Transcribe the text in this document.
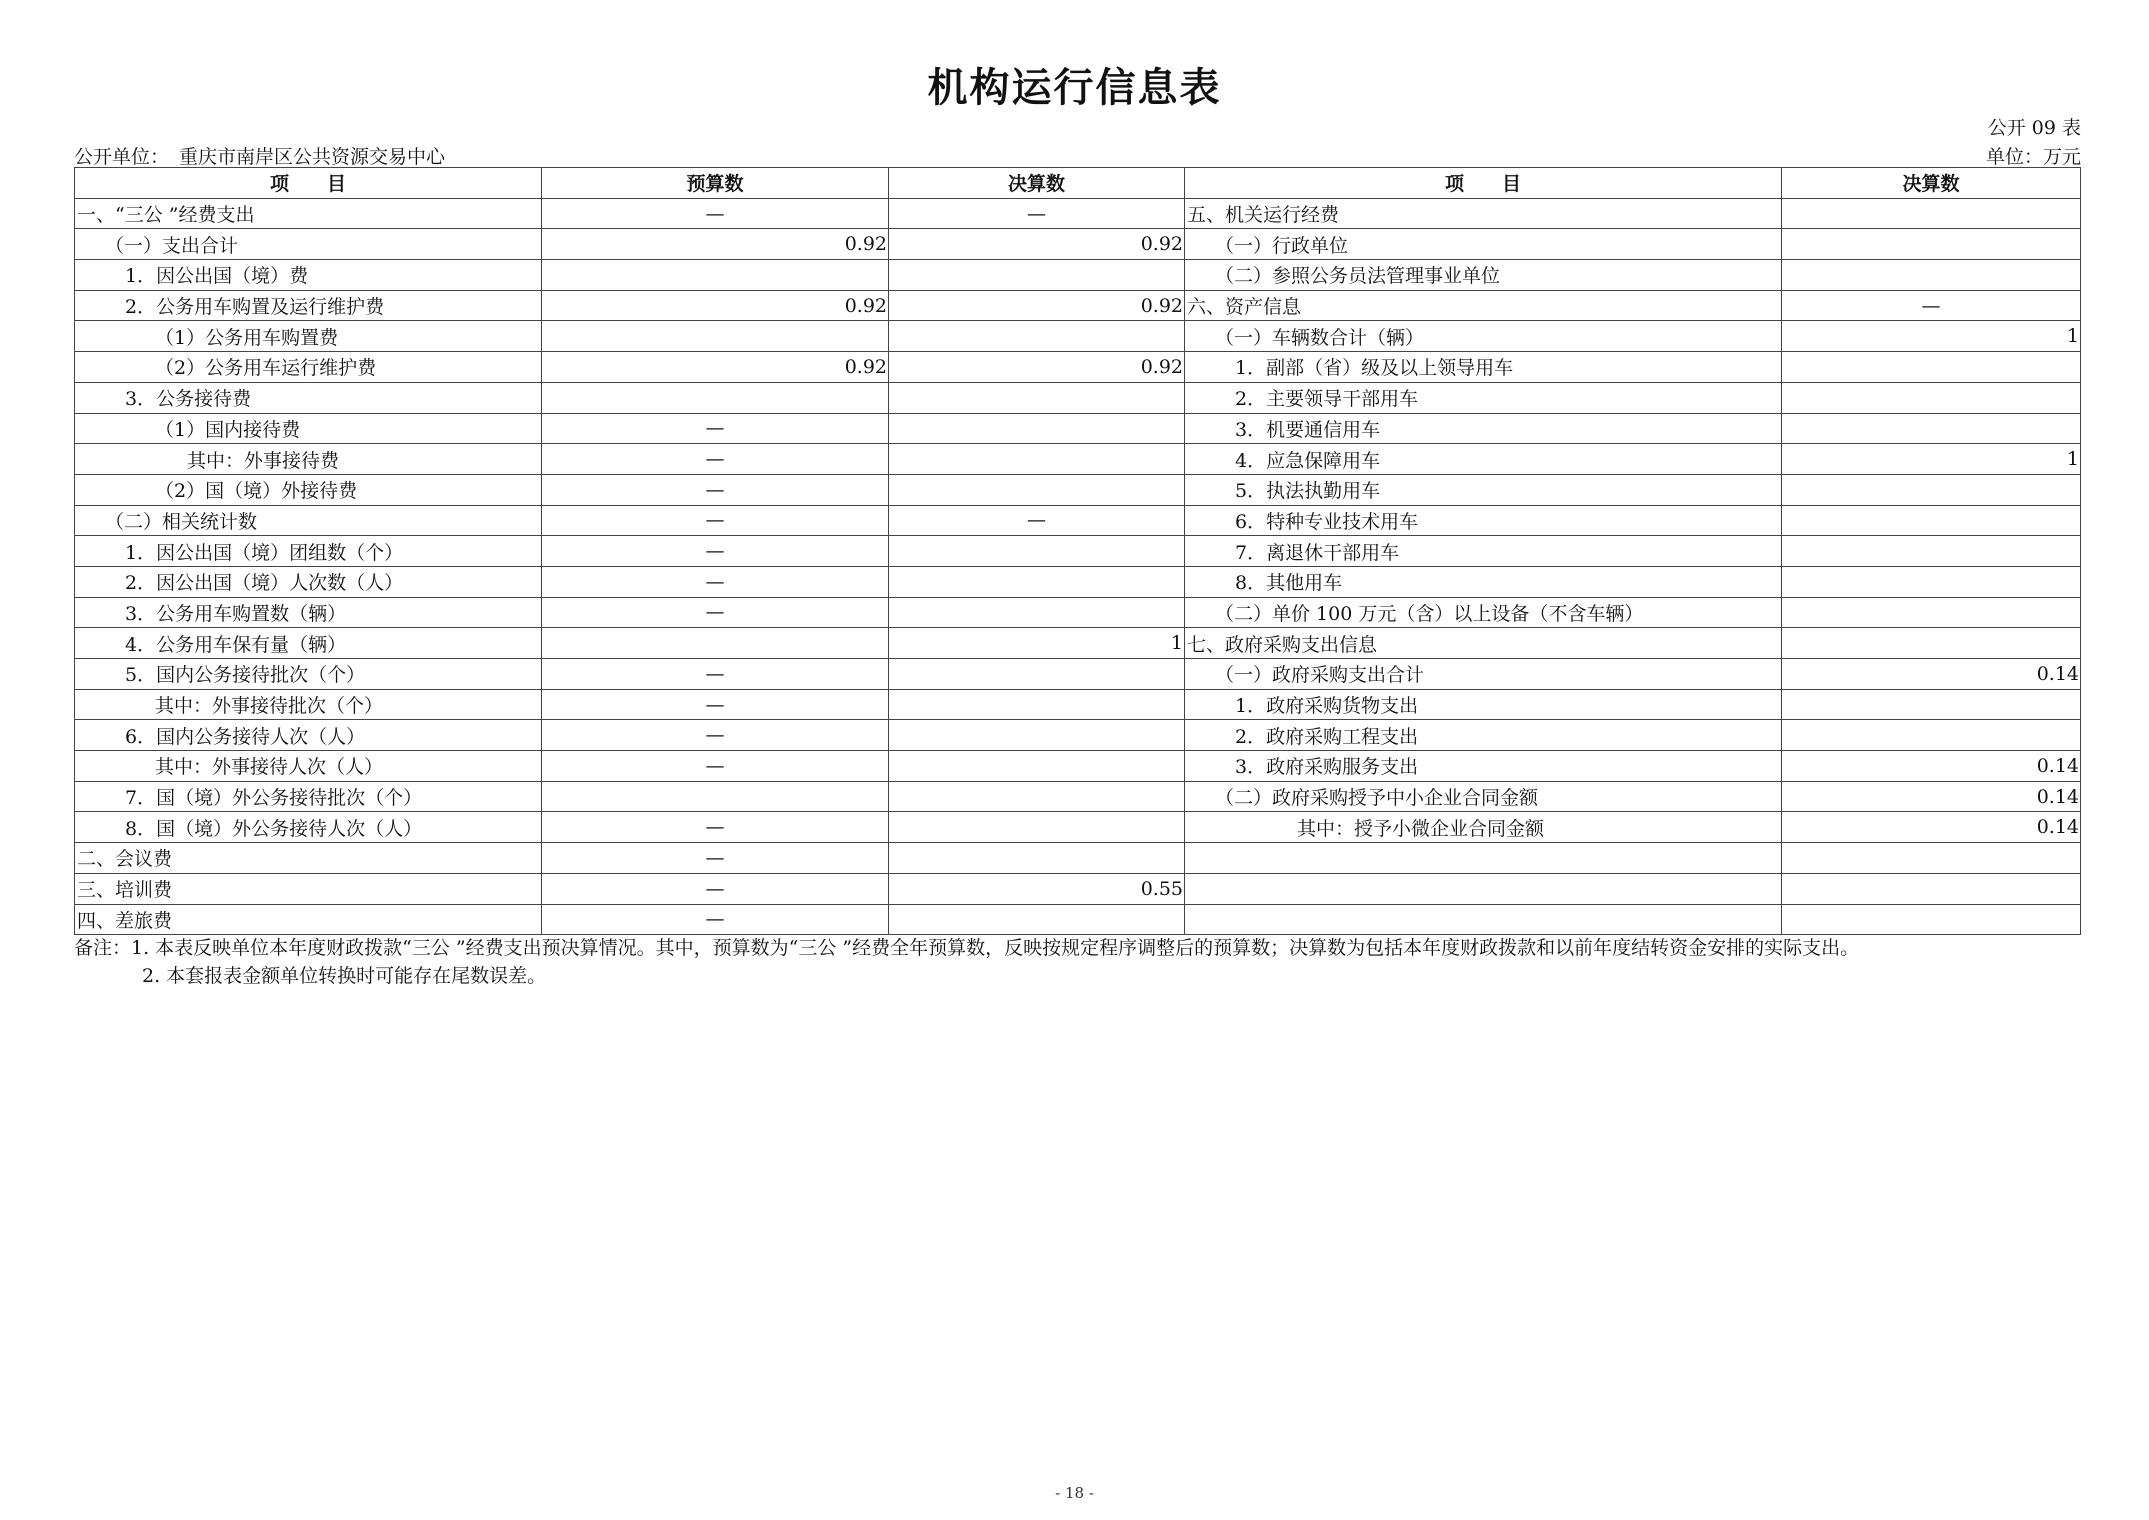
机构运行信息表
公开 09 表
公开单位： 重庆市南岸区公共资源交易中心	单位：万元
项　　目	预算数	决算数	项　　目	决算数
一、“三公 ”经费支出	—	—	五、机关运行经费	
（一）支出合计	0.92	0.92	（一）行政单位	
1．因公出国（境）费			（二）参照公务员法管理事业单位	
2．公务用车购置及运行维护费	0.92	0.92	六、资产信息	—
（1）公务用车购置费			（一）车辆数合计（辆）	1
（2）公务用车运行维护费	0.92	0.92	1．副部（省）级及以上领导用车	
3．公务接待费			2．主要领导干部用车	
（1）国内接待费	—		3．机要通信用车	
其中：外事接待费	—		4．应急保障用车	1
（2）国（境）外接待费	—		5．执法执勤用车	
（二）相关统计数	—	—	6．特种专业技术用车	
1．因公出国（境）团组数（个）	—		7．离退休干部用车	
2．因公出国（境）人次数（人）	—		8．其他用车	
3．公务用车购置数（辆）	—		（二）单价 100 万元（含）以上设备（不含车辆）	
4．公务用车保有量（辆）		1	七、政府采购支出信息	
5．国内公务接待批次（个）	—		（一）政府采购支出合计	0.14
其中：外事接待批次（个）	—		1．政府采购货物支出	
6．国内公务接待人次（人）	—		2．政府采购工程支出	
其中：外事接待人次（人）	—		3．政府采购服务支出	0.14
7．国（境）外公务接待批次（个）			（二）政府采购授予中小企业合同金额	0.14
8．国（境）外公务接待人次（人）	—		其中：授予小微企业合同金额	0.14
二、会议费	—			
三、培训费	—	0.55		
四、差旅费	—			
备注：1. 本表反映单位本年度财政拨款“三公 ”经费支出预决算情况。其中，预算数为“三公 ”经费全年预算数，反映按规定程序调整后的预算数；决算数为包括本年度财政拨款和以前年度结转资金安排的实际支出。
2. 本套报表金额单位转换时可能存在尾数误差。
- 18 -
